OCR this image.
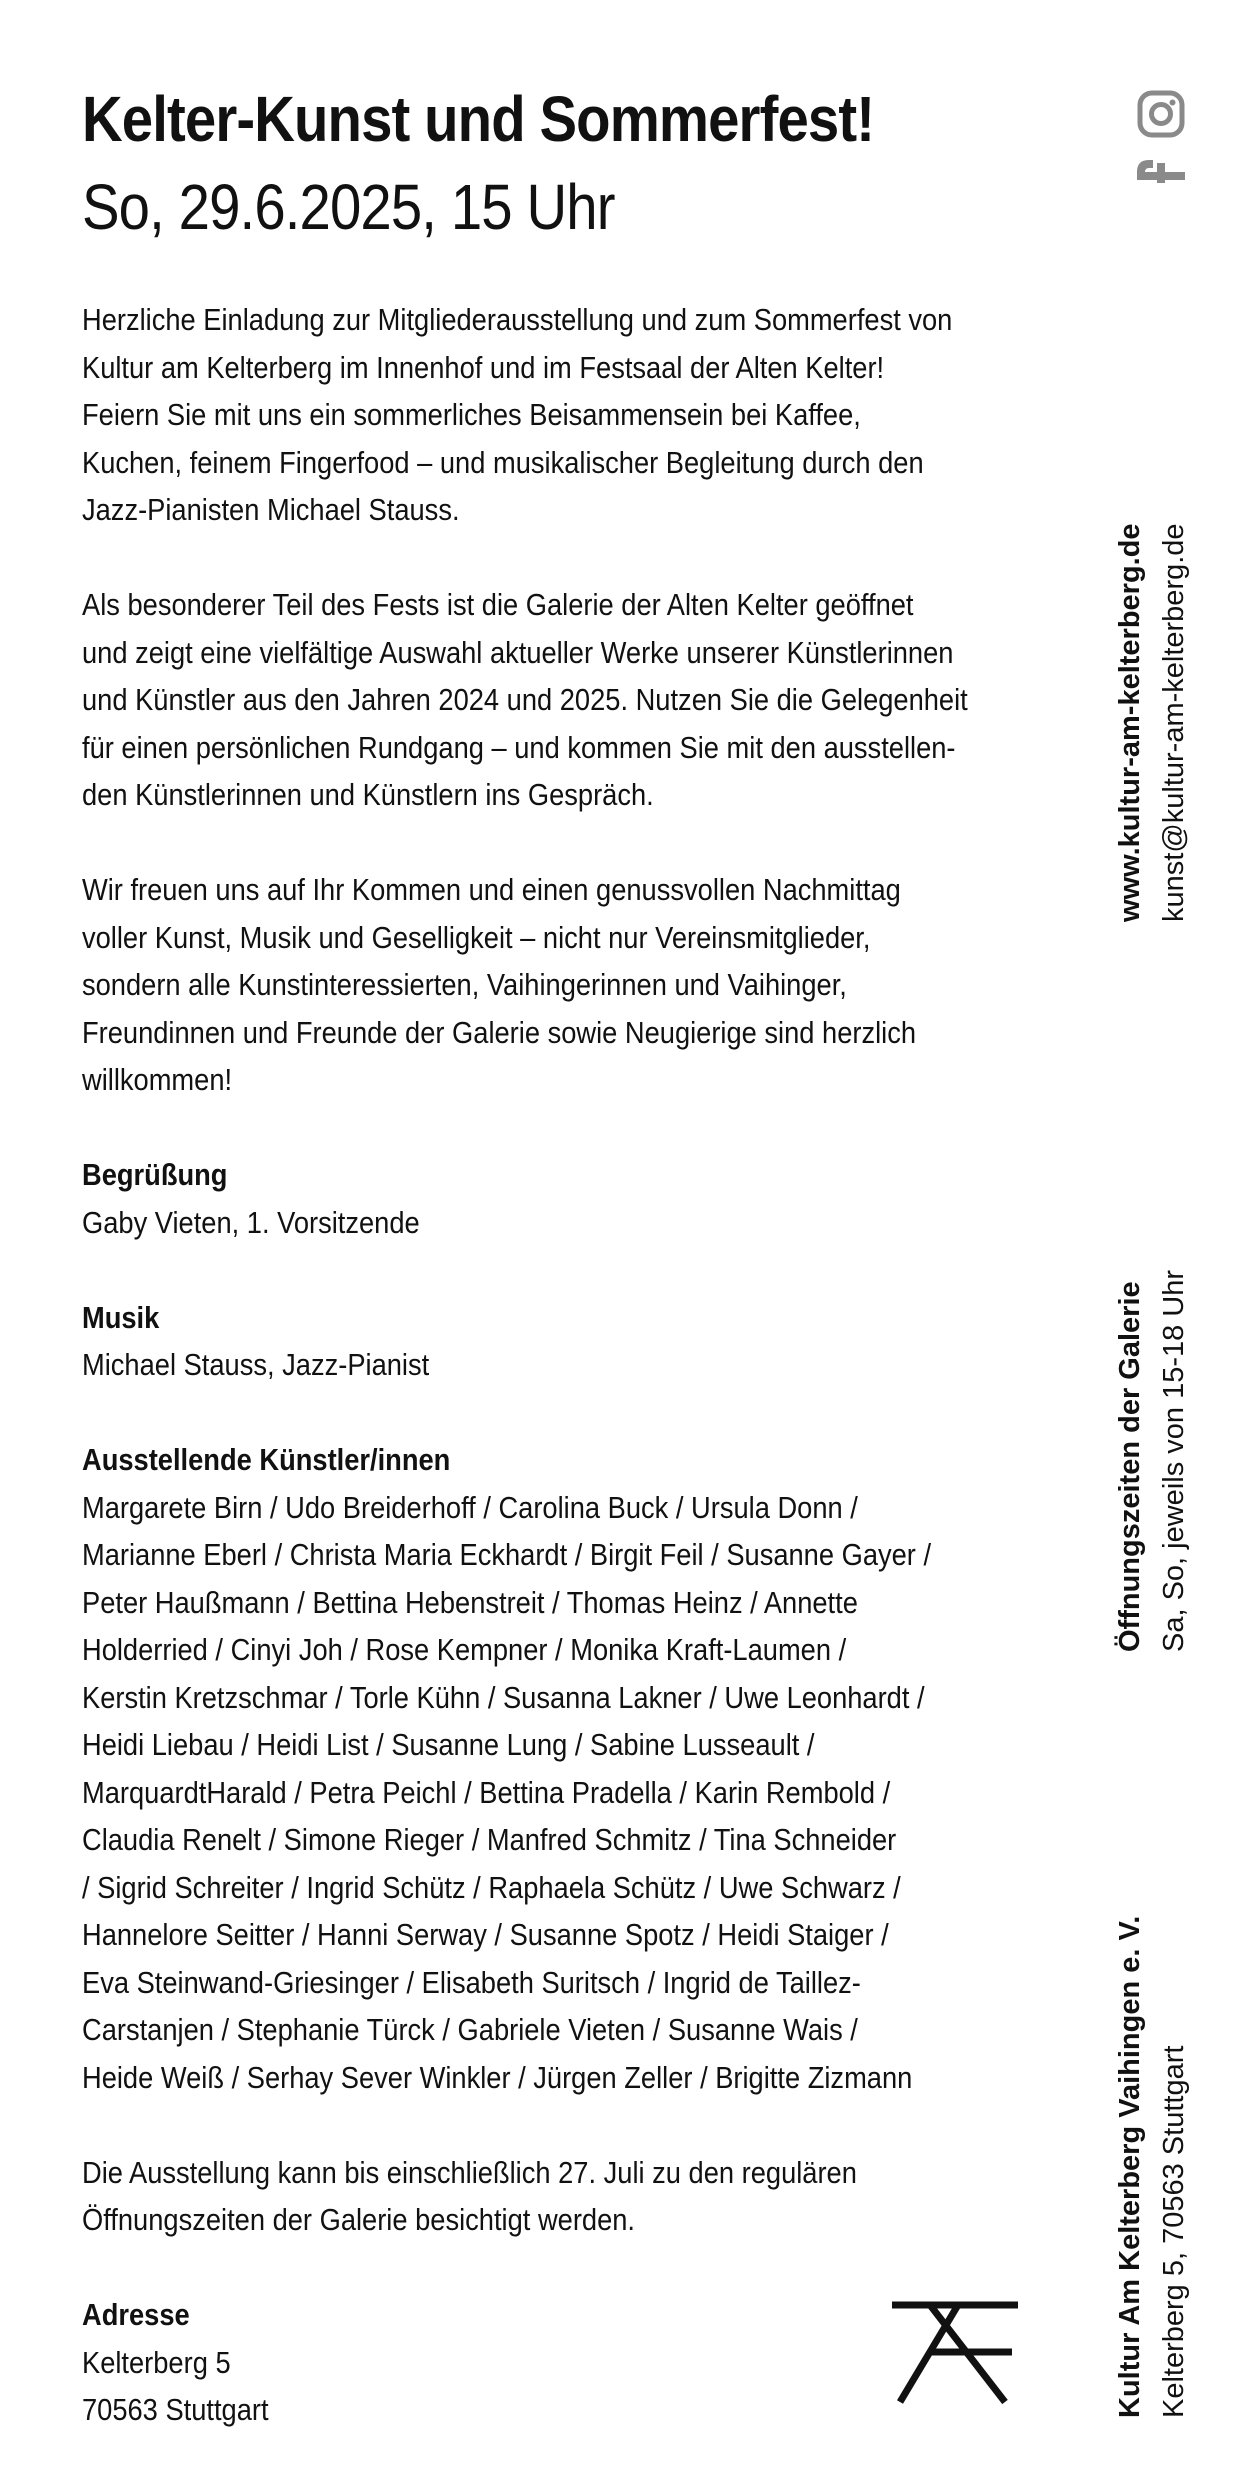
Kelter-Kunst und Sommerfest!
So, 29.6.2025, 15 Uhr
Herzliche Einladung zur Mitgliederausstellung und zum Sommerfest von
Kultur am Kelterberg im Innenhof und im Festsaal der Alten Kelter!
Feiern Sie mit uns ein sommerliches Beisammensein bei Kaffee,
Kuchen, feinem Fingerfood – und musikalischer Begleitung durch den
Jazz-Pianisten Michael Stauss.
Als besonderer Teil des Fests ist die Galerie der Alten Kelter geöffnet
und zeigt eine vielfältige Auswahl aktueller Werke unserer Künstlerinnen
und Künstler aus den Jahren 2024 und 2025. Nutzen Sie die Gelegenheit
für einen persönlichen Rundgang – und kommen Sie mit den ausstellen-
den Künstlerinnen und Künstlern ins Gespräch.
Wir freuen uns auf Ihr Kommen und einen genussvollen Nachmittag
voller Kunst, Musik und Geselligkeit – nicht nur Vereinsmitglieder,
sondern alle Kunstinteressierten, Vaihingerinnen und Vaihinger,
Freundinnen und Freunde der Galerie sowie Neugierige sind herzlich
willkommen!
Begrüßung
Gaby Vieten, 1. Vorsitzende
Musik
Michael Stauss, Jazz-Pianist
Ausstellende Künstler/innen
Margarete Birn / Udo Breiderhoff / Carolina Buck / Ursula Donn /
Marianne Eberl / Christa Maria Eckhardt / Birgit Feil / Susanne Gayer /
Peter Haußmann / Bettina Hebenstreit / Thomas Heinz / Annette
Holderried / Cinyi Joh / Rose Kempner / Monika Kraft-Laumen /
Kerstin Kretzschmar / Torle Kühn / Susanna Lakner / Uwe Leonhardt /
Heidi Liebau / Heidi List / Susanne Lung / Sabine Lusseault /
MarquardtHarald / Petra Peichl / Bettina Pradella / Karin Rembold /
Claudia Renelt / Simone Rieger / Manfred Schmitz / Tina Schneider
/ Sigrid Schreiter / Ingrid Schütz / Raphaela Schütz / Uwe Schwarz /
Hannelore Seitter / Hanni Serway / Susanne Spotz / Heidi Staiger /
Eva Steinwand-Griesinger / Elisabeth Suritsch / Ingrid de Taillez-
Carstanjen / Stephanie Türck / Gabriele Vieten / Susanne Wais /
Heide Weiß / Serhay Sever Winkler / Jürgen Zeller / Brigitte Zizmann
Die Ausstellung kann bis einschließlich 27. Juli zu den regulären
Öffnungszeiten der Galerie besichtigt werden.
Adresse
Kelterberg 5
70563 Stuttgart
www.kultur-am-kelterberg.de kunst@kultur-am-kelterberg.de
Öffnungszeiten der Galerie Sa, So, jeweils von 15-18 Uhr
Kultur Am Kelterberg Vaihingen e. V. Kelterberg 5, 70563 Stuttgart
